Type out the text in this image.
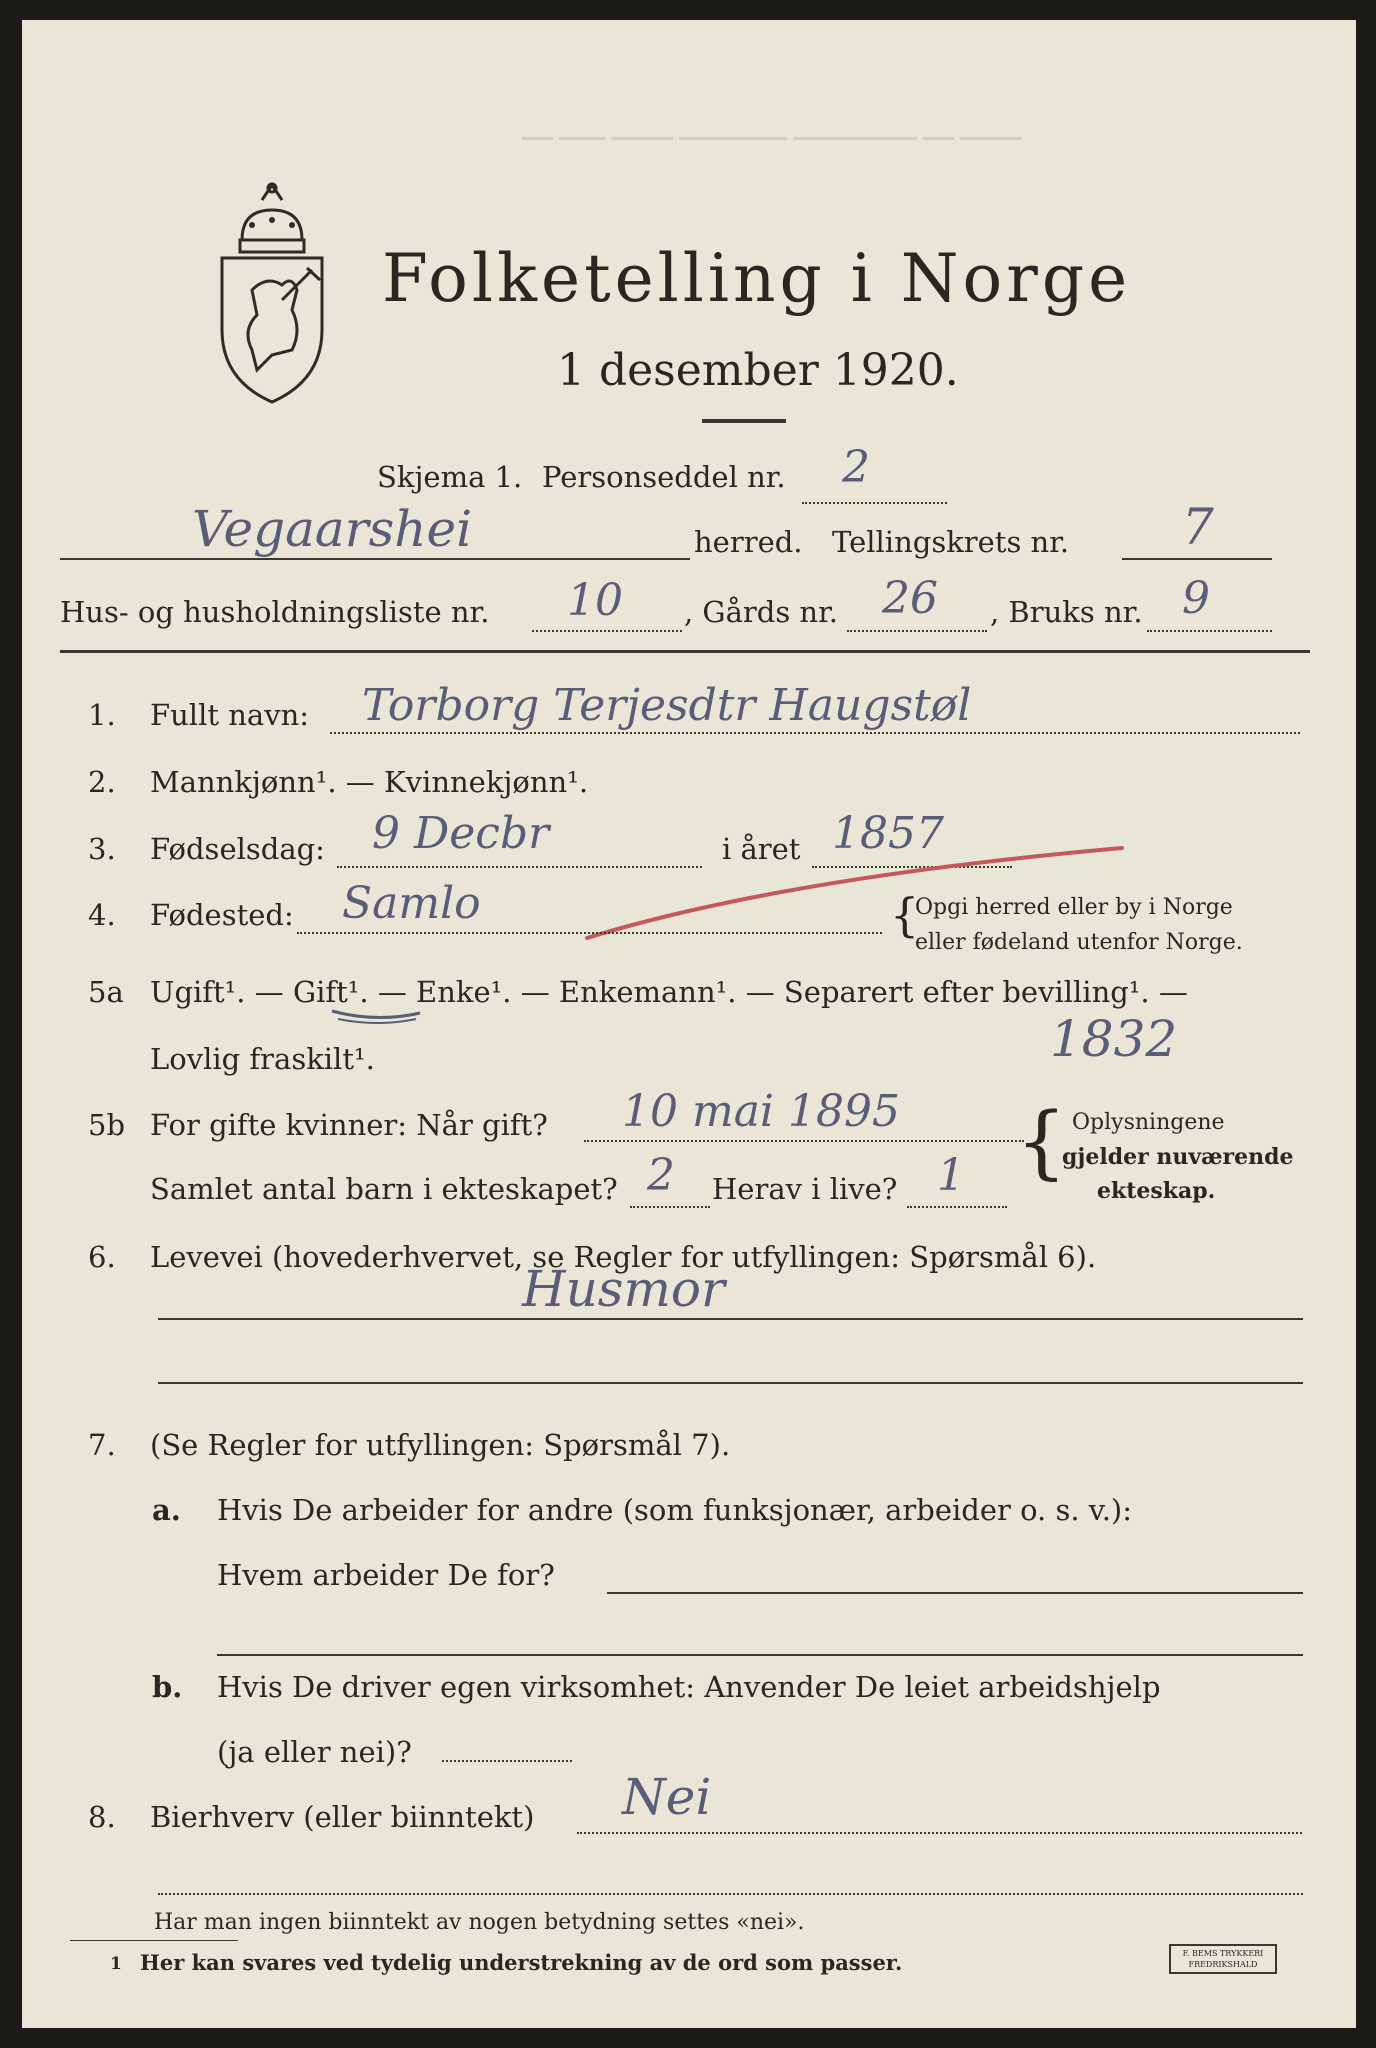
▁▁ ▁▁▁ ▁▁▁▁ ▁▁▁▁▁▁▁ ▁▁▁▁▁▁▁▁ ▁▁ ▁▁▁▁
Folketelling i Norge
1 desember 1920.
Skjema 1. Personseddel nr. 2
Vegaarshei	herred. Tellingskrets nr. 7
Hus- og husholdningsliste nr. 10 , Gårds nr. 26 , Bruks nr. 9
1. Fullt navn: Torborg Terjesdtr Haugstøl
2. Mannkjønn¹. — Kvinnekjønn¹.
3. Fødselsdag: 9 Decbr	i året 1857
4. Fødested: Samlo	{
Opgi herred eller by i Norge
eller fødeland utenfor Norge.
5a Ugift¹. — Gift¹. — Enke¹. — Enkemann¹. — Separert efter bevilling¹. —
Lovlig fraskilt¹.	1832
5b For gifte kvinner: Når gift? 10 mai 1895
Samlet antal barn i ekteskapet? 2 Herav i live? 1 { Oplysningene
gjelder nuværende
ekteskap.
6. Levevei (hovederhvervet, se Regler for utfyllingen: Spørsmål 6).
Husmor
7. (Se Regler for utfyllingen: Spørsmål 7).
a. Hvis De arbeider for andre (som funksjonær, arbeider o. s. v.):
Hvem arbeider De for?
b. Hvis De driver egen virksomhet: Anvender De leiet arbeidshjelp
(ja eller nei)?
8. Bierhverv (eller biinntekt) Nei
Har man ingen biinntekt av nogen betydning settes «nei».
1 Her kan svares ved tydelig understrekning av de ord som passer.	F. BEMS TRYKKERI
FREDRIKSHALD
